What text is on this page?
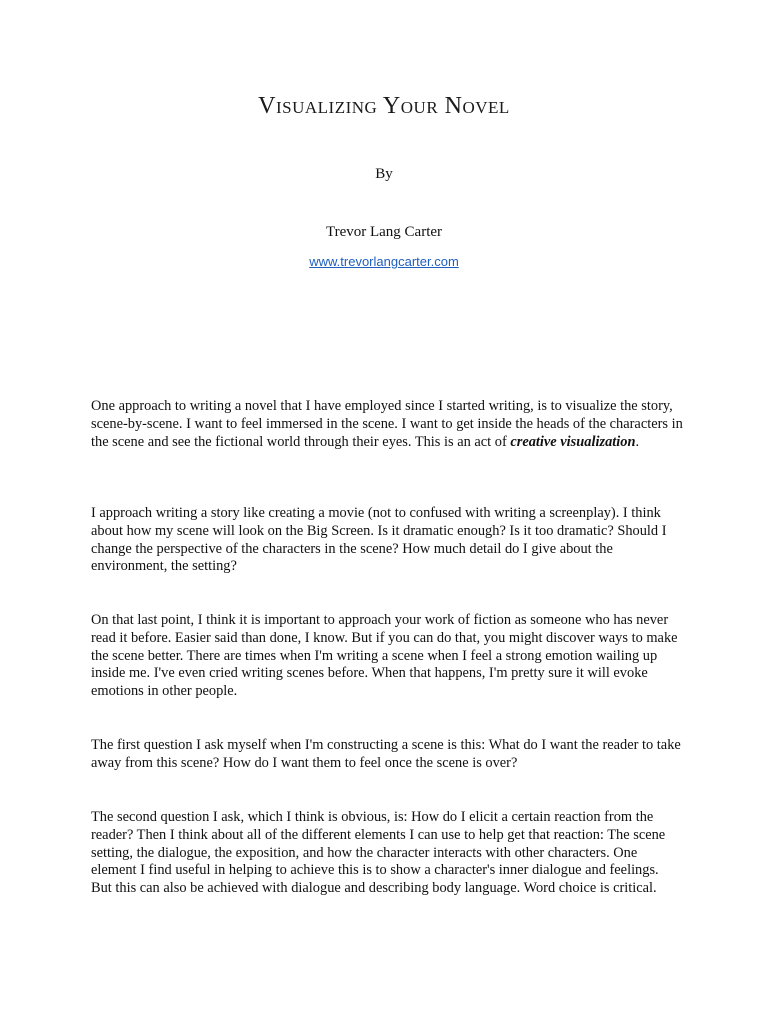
Visualizing Your Novel

By

Trevor Lang Carter

www.trevorlangcarter.com

One approach to writing a novel that I have employed since I started writing, is to visualize the story, scene-by-scene. I want to feel immersed in the scene. I want to get inside the heads of the characters in the scene and see the fictional world through their eyes. This is an act of creative visualization.

I approach writing a story like creating a movie (not to confused with writing a screenplay). I think about how my scene will look on the Big Screen. Is it dramatic enough? Is it too dramatic? Should I change the perspective of the characters in the scene? How much detail do I give about the environment, the setting?

On that last point, I think it is important to approach your work of fiction as someone who has never read it before. Easier said than done, I know. But if you can do that, you might discover ways to make the scene better. There are times when I'm writing a scene when I feel a strong emotion wailing up inside me. I've even cried writing scenes before. When that happens, I'm pretty sure it will evoke emotions in other people.

The first question I ask myself when I'm constructing a scene is this: What do I want the reader to take away from this scene? How do I want them to feel once the scene is over?

The second question I ask, which I think is obvious, is: How do I elicit a certain reaction from the reader? Then I think about all of the different elements I can use to help get that reaction: The scene setting, the dialogue, the exposition, and how the character interacts with other characters. One element I find useful in helping to achieve this is to show a character's inner dialogue and feelings. But this can also be achieved with dialogue and describing body language. Word choice is critical.
